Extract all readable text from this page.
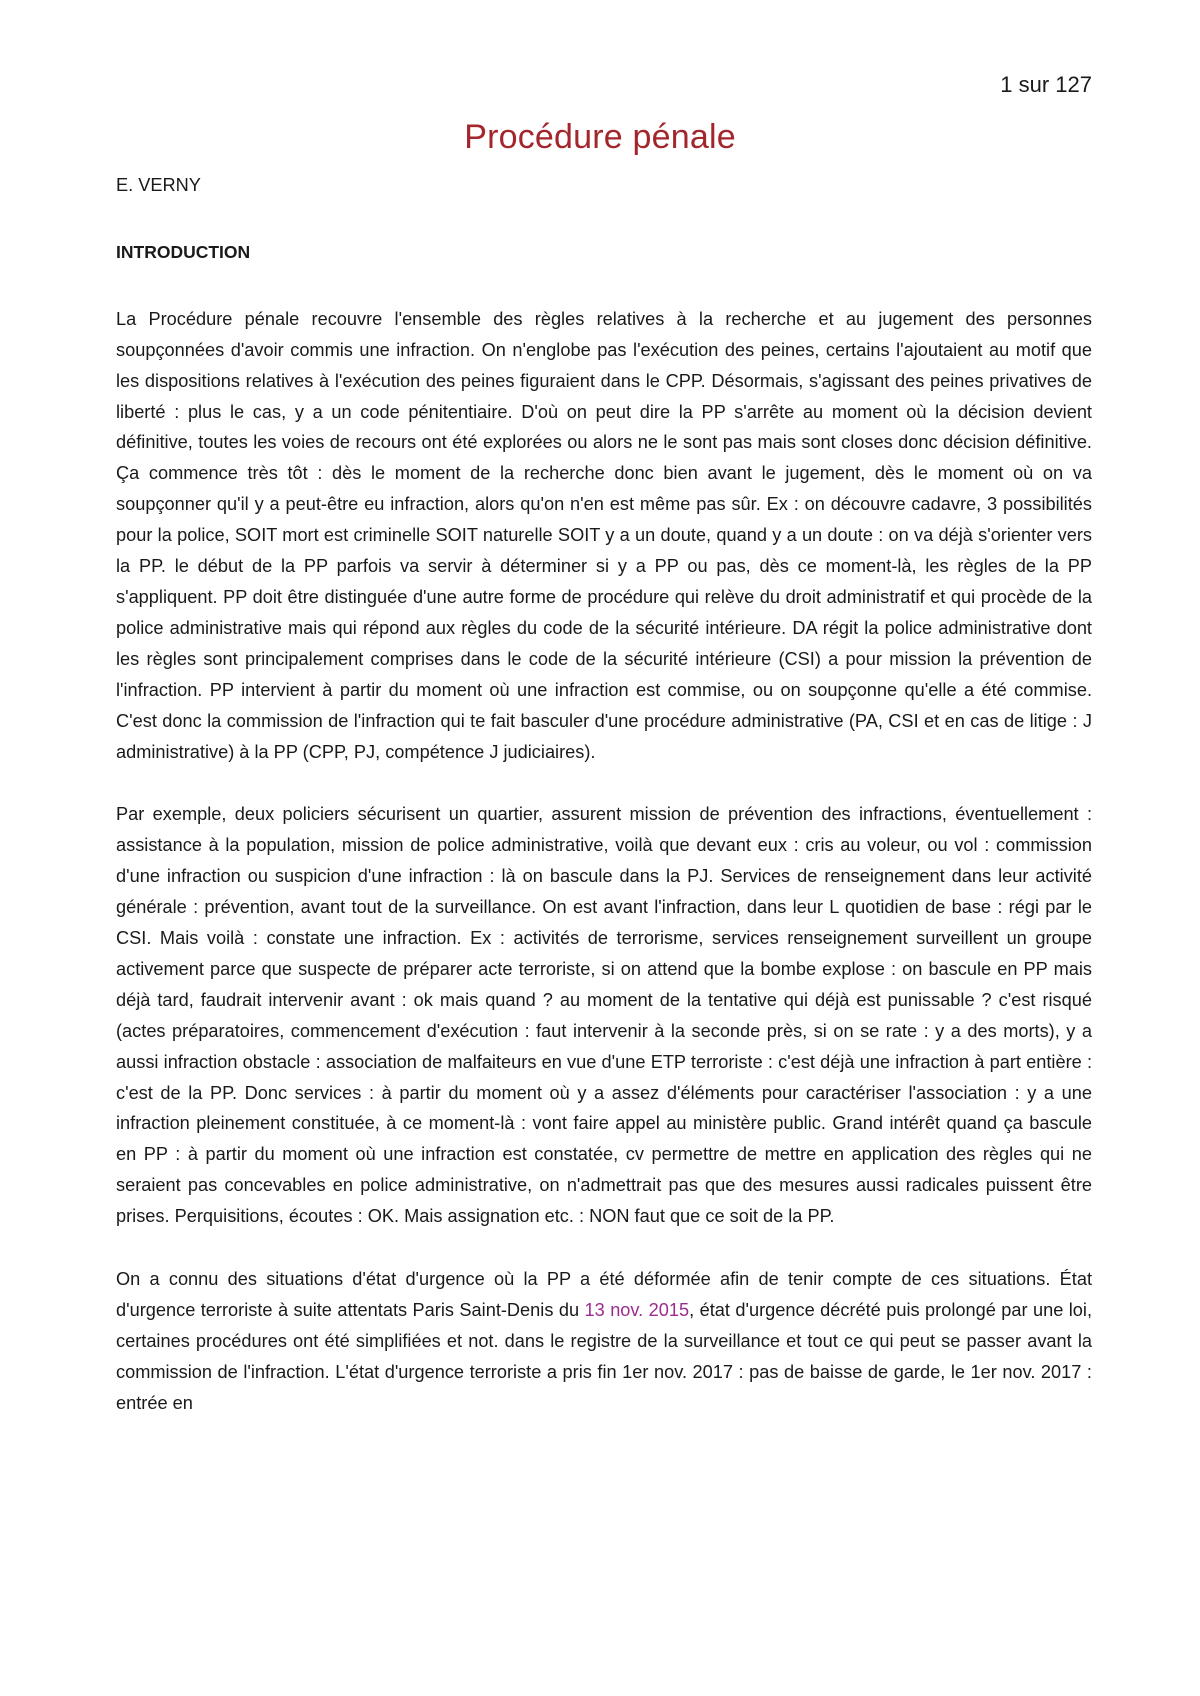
1 sur 127
Procédure pénale

E. VERNY

INTRODUCTION

La Procédure pénale recouvre l'ensemble des règles relatives à la recherche et au jugement des personnes soupçonnées d'avoir commis une infraction. On n'englobe pas l'exécution des peines, certains l'ajoutaient au motif que les dispositions relatives à l'exécution des peines figuraient dans le CPP. Désormais, s'agissant des peines privatives de liberté : plus le cas, y a un code pénitentiaire. D'où on peut dire la PP s'arrête au moment où la décision devient définitive, toutes les voies de recours ont été explorées ou alors ne le sont pas mais sont closes donc décision définitive. Ça commence très tôt : dès le moment de la recherche donc bien avant le jugement, dès le moment où on va soupçonner qu'il y a peut-être eu infraction, alors qu'on n'en est même pas sûr. Ex : on découvre cadavre, 3 possibilités pour la police, SOIT mort est criminelle SOIT naturelle SOIT y a un doute, quand y a un doute : on va déjà s'orienter vers la PP. le début de la PP parfois va servir à déterminer si y a PP ou pas, dès ce moment-là, les règles de la PP s'appliquent. PP doit être distinguée d'une autre forme de procédure qui relève du droit administratif et qui procède de la police administrative mais qui répond aux règles du code de la sécurité intérieure. DA régit la police administrative dont les règles sont principalement comprises dans le code de la sécurité intérieure (CSI) a pour mission la prévention de l'infraction. PP intervient à partir du moment où une infraction est commise, ou on soupçonne qu'elle a été commise. C'est donc la commission de l'infraction qui te fait basculer d'une procédure administrative (PA, CSI et en cas de litige : J administrative) à la PP (CPP, PJ, compétence J judiciaires).

Par exemple, deux policiers sécurisent un quartier, assurent mission de prévention des infractions, éventuellement : assistance à la population, mission de police administrative, voilà que devant eux : cris au voleur, ou vol : commission d'une infraction ou suspicion d'une infraction : là on bascule dans la PJ. Services de renseignement dans leur activité générale : prévention, avant tout de la surveillance. On est avant l'infraction, dans leur L quotidien de base : régi par le CSI. Mais voilà : constate une infraction. Ex : activités de terrorisme, services renseignement surveillent un groupe activement parce que suspecte de préparer acte terroriste, si on attend que la bombe explose : on bascule en PP mais déjà tard, faudrait intervenir avant : ok mais quand ? au moment de la tentative qui déjà est punissable ? c'est risqué (actes préparatoires, commencement d'exécution : faut intervenir à la seconde près, si on se rate : y a des morts), y a aussi infraction obstacle : association de malfaiteurs en vue d'une ETP terroriste : c'est déjà une infraction à part entière : c'est de la PP. Donc services : à partir du moment où y a assez d'éléments pour caractériser l'association : y a une infraction pleinement constituée, à ce moment-là : vont faire appel au ministère public. Grand intérêt quand ça bascule en PP : à partir du moment où une infraction est constatée, cv permettre de mettre en application des règles qui ne seraient pas concevables en police administrative, on n'admettrait pas que des mesures aussi radicales puissent être prises. Perquisitions, écoutes : OK. Mais assignation etc. : NON faut que ce soit de la PP.

On a connu des situations d'état d'urgence où la PP a été déformée afin de tenir compte de ces situations. État d'urgence terroriste à suite attentats Paris Saint-Denis du 13 nov. 2015, état d'urgence décrété puis prolongé par une loi, certaines procédures ont été simplifiées et not. dans le registre de la surveillance et tout ce qui peut se passer avant la commission de l'infraction. L'état d'urgence terroriste a pris fin 1er nov. 2017 : pas de baisse de garde, le 1er nov. 2017 : entrée en
